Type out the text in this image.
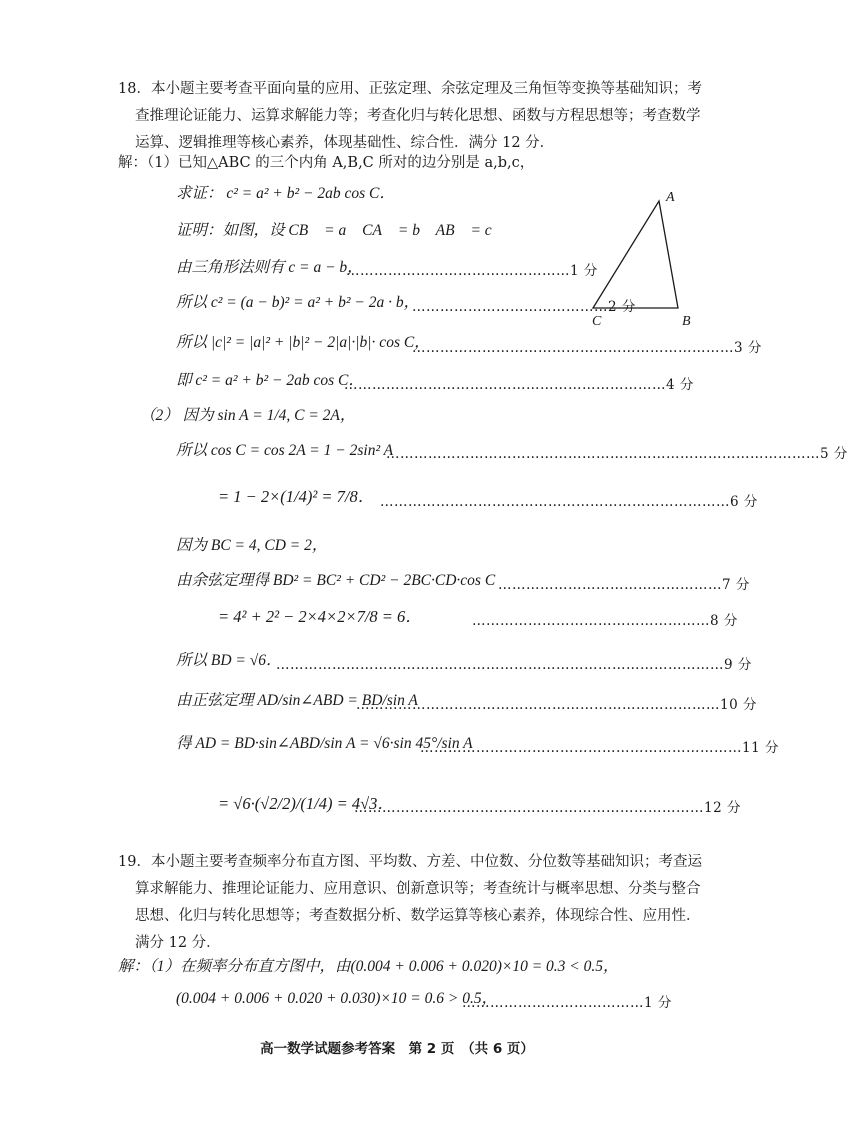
18．本小题主要考查平面向量的应用、正弦定理、余弦定理及三角恒等变换等基础知识；考查推理论证能力、运算求解能力等；考查化归与转化思想、函数与方程思想等；考查数学运算、逻辑推理等核心素养，体现基础性、综合性．满分 12 分．
解：（1）已知△ABC 的三个内角 A,B,C 所对的边分别是 a,b,c，
求证： c² = a² + b² − 2ab cos C．
证明：如图，设 CB⃗ = a， CA⃗ = b， AB⃗ = c．
由三角形法则有 c = a − b，
…………………………………………1 分
所以 c² = (a − b)² = a² + b² − 2a · b，
……………………………………2 分
所以 |c|² = |a|² + |b|² − 2|a|·|b|· cos C，
……………………………………………………………3 分
即 c² = a² + b² − 2ab cos C．
……………………………………………………………4 分
A
B
C
（2） 因为 sin A = 1/4, C = 2A，
所以 cos C = cos 2A = 1 − 2sin² A
…………………………………………………………………………………5 分
= 1 − 2×(1/4)² = 7/8． …………………………………………………………………6 分
因为 BC = 4, CD = 2，
由余弦定理得 BD² = BC² + CD² − 2BC·CD·cos C …………………………………………7 分
= 4² + 2² − 2×4×2×7/8 = 6．	……………………………………………8 分
所以 BD = √6．
……………………………………………………………………………………9 分
由正弦定理 AD/sin∠ABD = BD/sin A
……………………………………………………………………10 分
得 AD = BD·sin∠ABD/sin A = √6·sin 45°/sin A
……………………………………………………………11 分
= √6·(√2/2)/(1/4) = 4√3．
…………………………………………………………………12 分
19．本小题主要考查频率分布直方图、平均数、方差、中位数、分位数等基础知识；考查运算求解能力、推理论证能力、应用意识、创新意识等；考查统计与概率思想、分类与整合思想、化归与转化思想等；考查数据分析、数学运算等核心素养，体现综合性、应用性．满分 12 分．
解：（1）在频率分布直方图中，由(0.004 + 0.006 + 0.020)×10 = 0.3 < 0.5，
(0.004 + 0.006 + 0.020 + 0.030)×10 = 0.6 > 0.5，
…………………………………1 分
高一数学试题参考答案　第 2 页　（共 6 页）
